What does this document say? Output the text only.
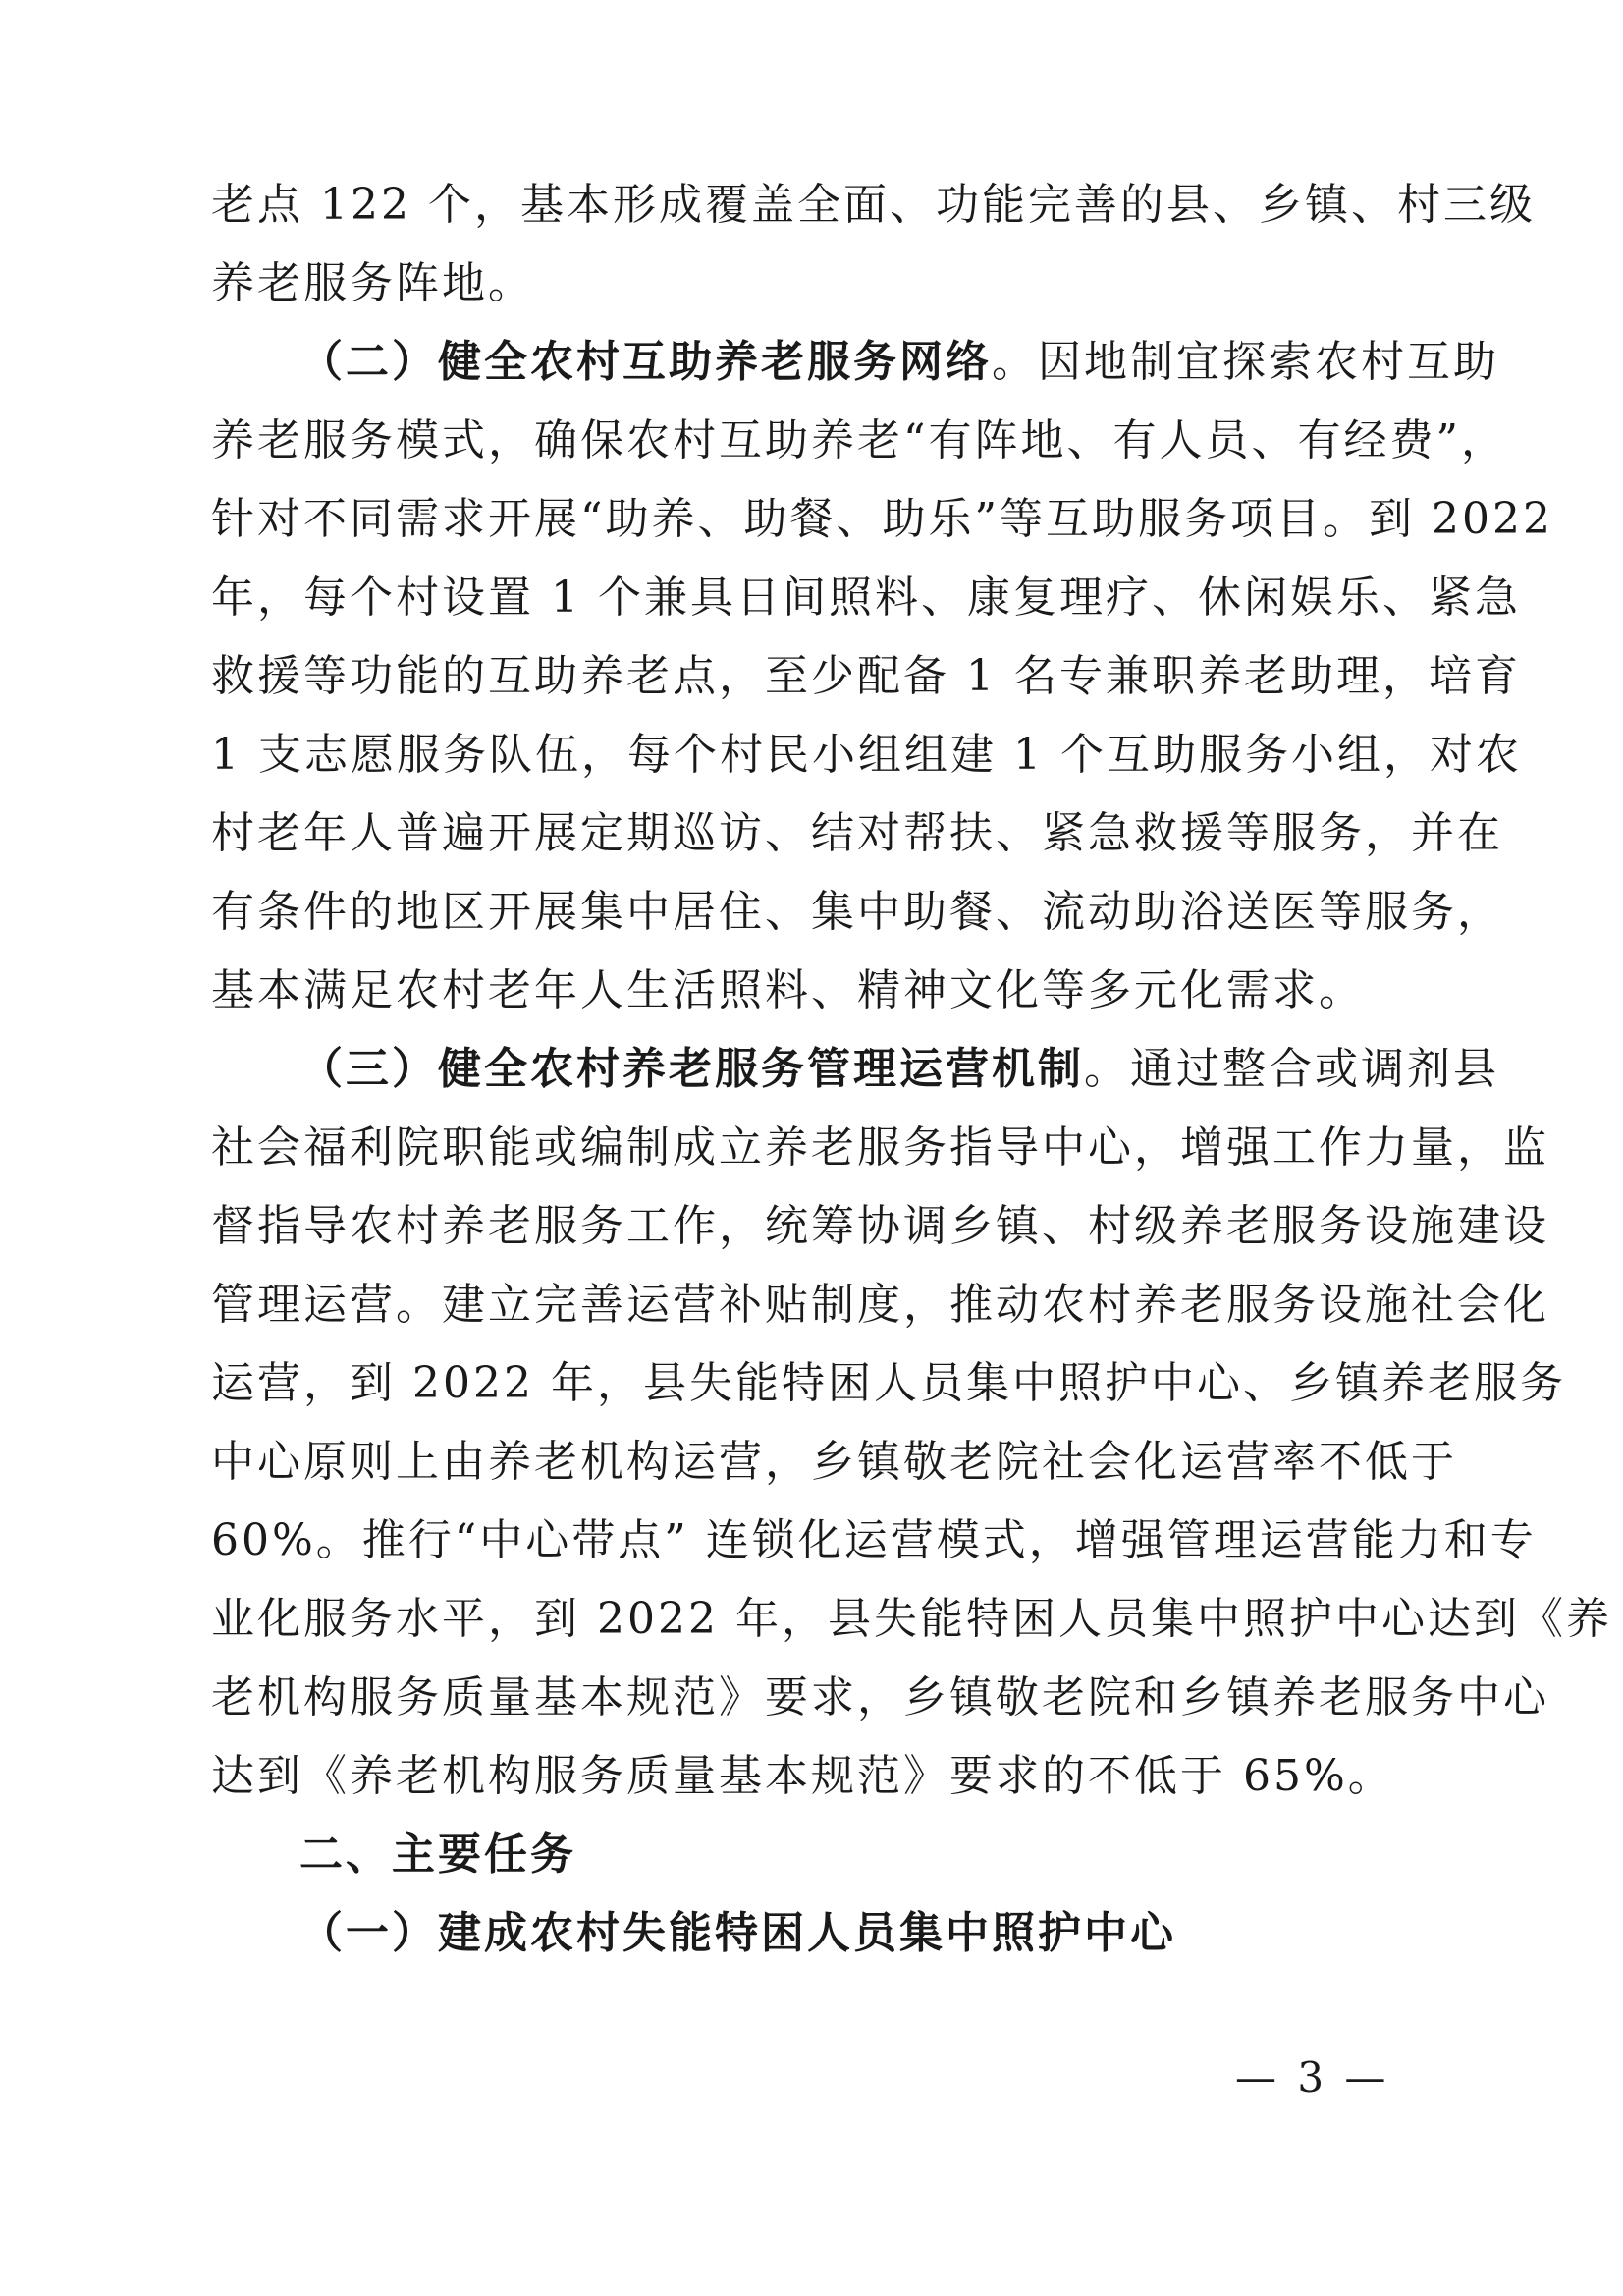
老点 122 个，基本形成覆盖全面、功能完善的县、乡镇、村三级
养老服务阵地。
（二）健全农村互助养老服务网络。因地制宜探索农村互助
养老服务模式，确保农村互助养老“有阵地、有人员、有经费”，
针对不同需求开展“助养、助餐、助乐”等互助服务项目。到 2022
年，每个村设置 1 个兼具日间照料、康复理疗、休闲娱乐、紧急
救援等功能的互助养老点，至少配备 1 名专兼职养老助理，培育
1 支志愿服务队伍，每个村民小组组建 1 个互助服务小组，对农
村老年人普遍开展定期巡访、结对帮扶、紧急救援等服务，并在
有条件的地区开展集中居住、集中助餐、流动助浴送医等服务，
基本满足农村老年人生活照料、精神文化等多元化需求。
（三）健全农村养老服务管理运营机制。通过整合或调剂县
社会福利院职能或编制成立养老服务指导中心，增强工作力量，监
督指导农村养老服务工作，统筹协调乡镇、村级养老服务设施建设
管理运营。建立完善运营补贴制度，推动农村养老服务设施社会化
运营，到 2022 年，县失能特困人员集中照护中心、乡镇养老服务
中心原则上由养老机构运营，乡镇敬老院社会化运营率不低于
60%。推行“中心带点” 连锁化运营模式，增强管理运营能力和专
业化服务水平，到 2022 年，县失能特困人员集中照护中心达到《养
老机构服务质量基本规范》要求，乡镇敬老院和乡镇养老服务中心
达到《养老机构服务质量基本规范》要求的不低于 65%。
二、主要任务
（一）建成农村失能特困人员集中照护中心
— 3 —
